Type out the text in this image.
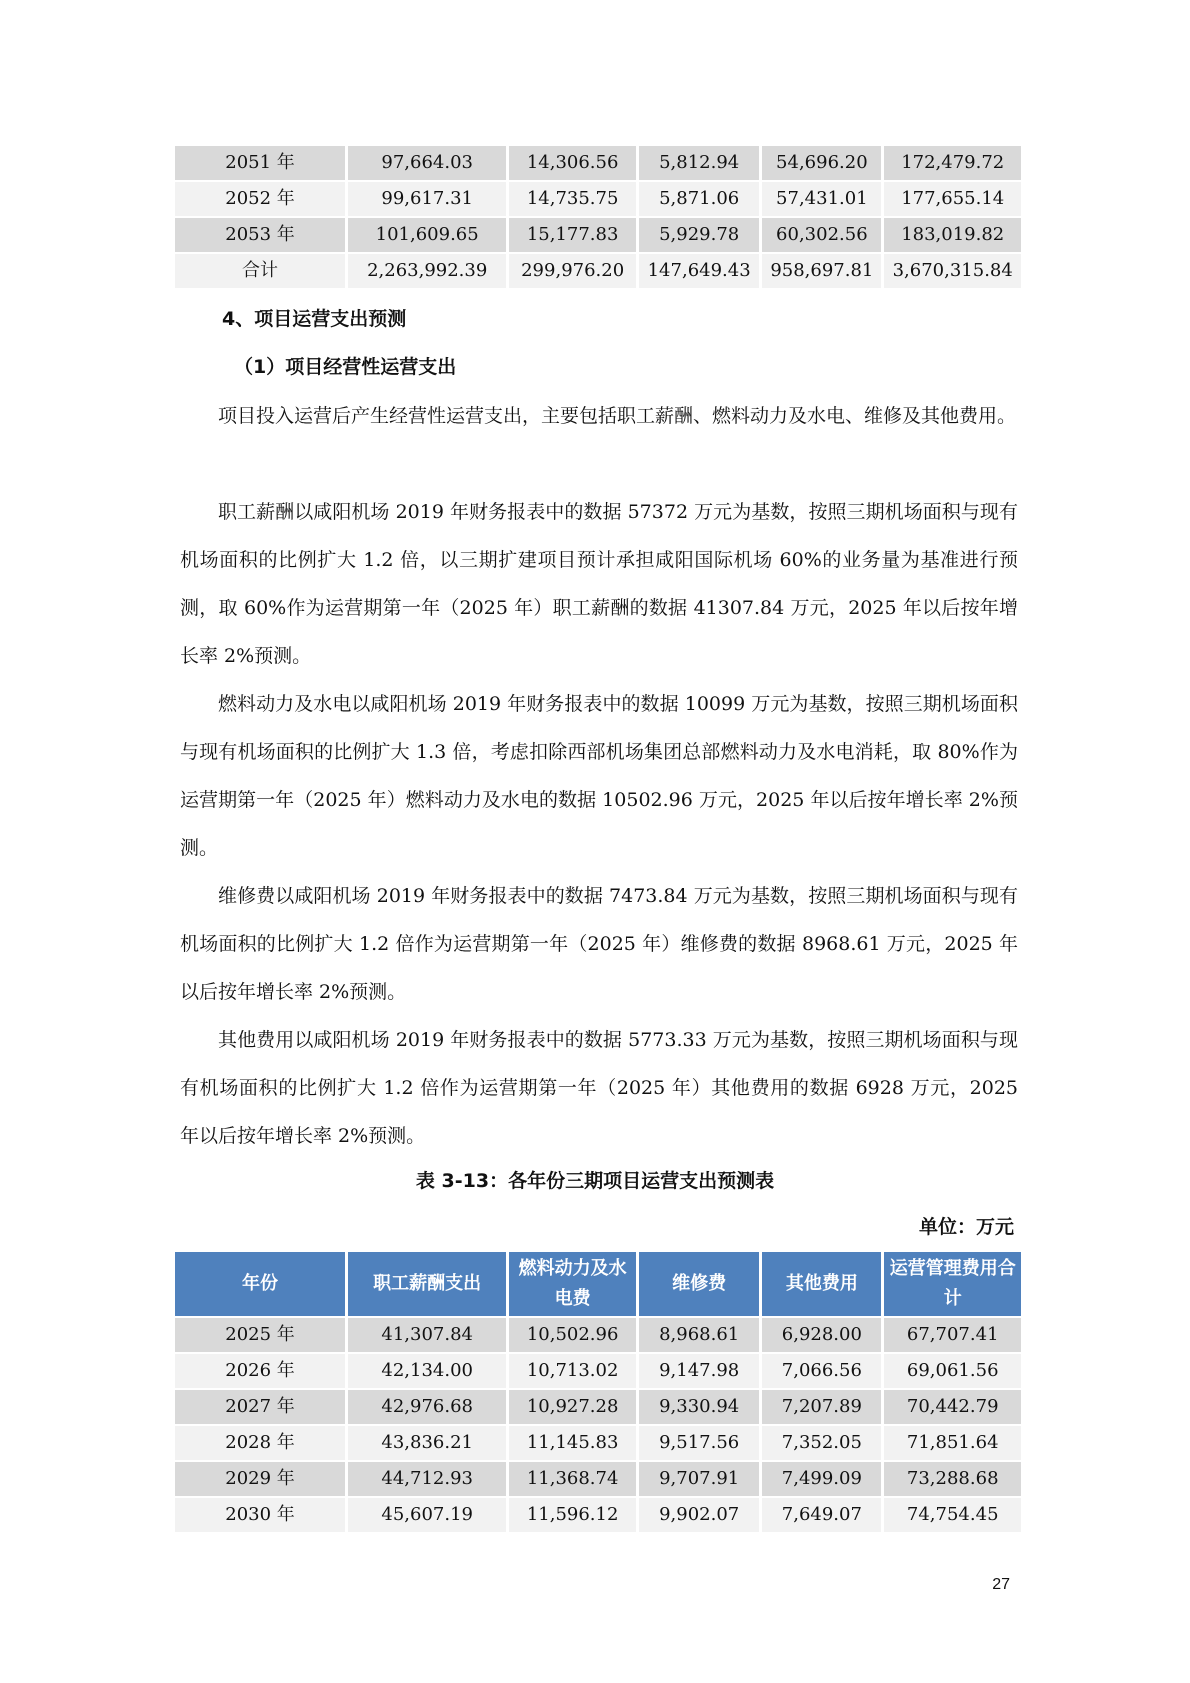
2051 年	97,664.03	14,306.56	5,812.94	54,696.20	172,479.72
2052 年	99,617.31	14,735.75	5,871.06	57,431.01	177,655.14
2053 年	101,609.65	15,177.83	5,929.78	60,302.56	183,019.82
合计	2,263,992.39	299,976.20	147,649.43	958,697.81	3,670,315.84
4、项目运营支出预测
（1）项目经营性运营支出

项目投入运营后产生经营性运营支出，主要包括职工薪酬、燃料动力及水电、维修及其他费用。

职工薪酬以咸阳机场 2019 年财务报表中的数据 57372 万元为基数，按照三期机场面积与现有机场面积的比例扩大 1.2 倍，以三期扩建项目预计承担咸阳国际机场 60%的业务量为基准进行预测，取 60%作为运营期第一年（2025 年）职工薪酬的数据 41307.84 万元，2025 年以后按年增长率 2%预测。

燃料动力及水电以咸阳机场 2019 年财务报表中的数据 10099 万元为基数，按照三期机场面积与现有机场面积的比例扩大 1.3 倍，考虑扣除西部机场集团总部燃料动力及水电消耗，取 80%作为运营期第一年（2025 年）燃料动力及水电的数据 10502.96 万元，2025 年以后按年增长率 2%预测。

维修费以咸阳机场 2019 年财务报表中的数据 7473.84 万元为基数，按照三期机场面积与现有机场面积的比例扩大 1.2 倍作为运营期第一年（2025 年）维修费的数据 8968.61 万元，2025 年以后按年增长率 2%预测。

其他费用以咸阳机场 2019 年财务报表中的数据 5773.33 万元为基数，按照三期机场面积与现有机场面积的比例扩大 1.2 倍作为运营期第一年（2025 年）其他费用的数据 6928 万元，2025 年以后按年增长率 2%预测。

表 3-13：各年份三期项目运营支出预测表
单位：万元
年份	职工薪酬支出	燃料动力及水电费	维修费	其他费用	运营管理费用合计
2025 年	41,307.84	10,502.96	8,968.61	6,928.00	67,707.41
2026 年	42,134.00	10,713.02	9,147.98	7,066.56	69,061.56
2027 年	42,976.68	10,927.28	9,330.94	7,207.89	70,442.79
2028 年	43,836.21	11,145.83	9,517.56	7,352.05	71,851.64
2029 年	44,712.93	11,368.74	9,707.91	7,499.09	73,288.68
2030 年	45,607.19	11,596.12	9,902.07	7,649.07	74,754.45
27
